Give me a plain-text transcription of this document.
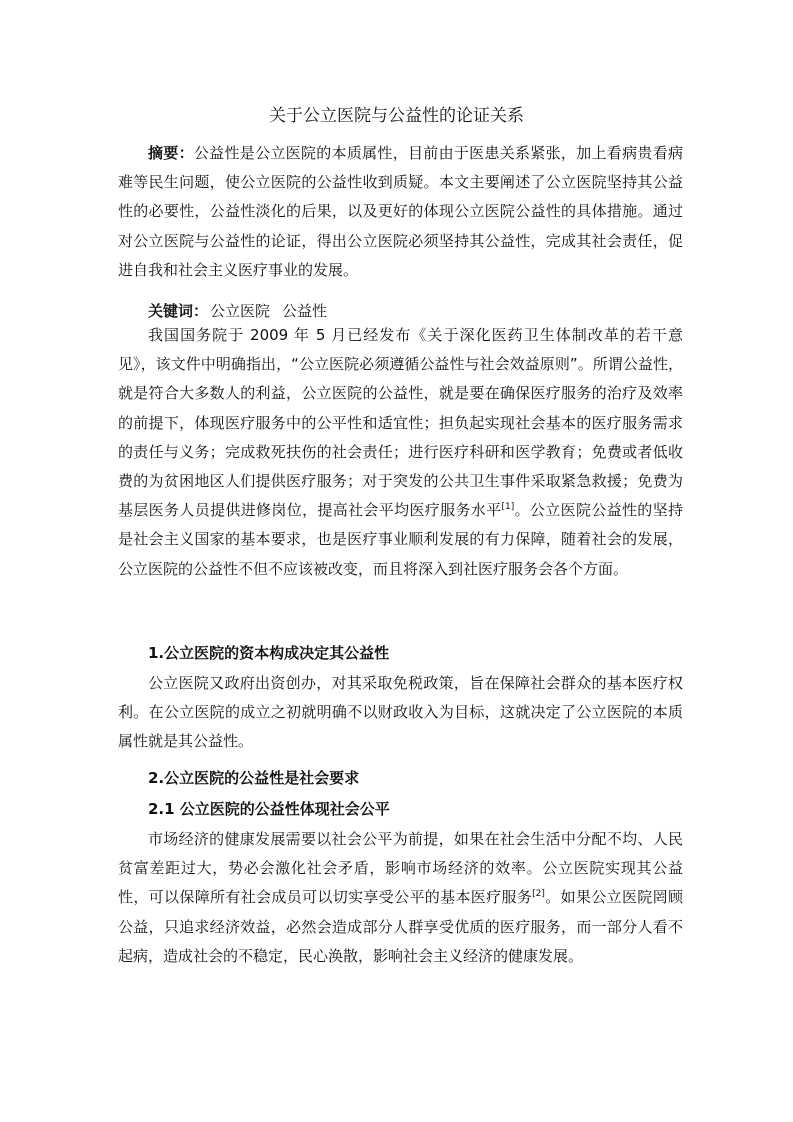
关于公立医院与公益性的论证关系
摘要：公益性是公立医院的本质属性，目前由于医患关系紧张，加上看病贵看病难等民生问题，使公立医院的公益性收到质疑。本文主要阐述了公立医院坚持其公益性的必要性，公益性淡化的后果，以及更好的体现公立医院公益性的具体措施。通过对公立医院与公益性的论证，得出公立医院必须坚持其公益性，完成其社会责任，促进自我和社会主义医疗事业的发展。
关键词： 公立医院 公益性
我国国务院于 2009 年 5 月已经发布《关于深化医药卫生体制改革的若干意见》，该文件中明确指出，“公立医院必须遵循公益性与社会效益原则”。所谓公益性，就是符合大多数人的利益，公立医院的公益性，就是要在确保医疗服务的治疗及效率的前提下，体现医疗服务中的公平性和适宜性；担负起实现社会基本的医疗服务需求的责任与义务；完成救死扶伤的社会责任；进行医疗科研和医学教育；免费或者低收费的为贫困地区人们提供医疗服务；对于突发的公共卫生事件采取紧急救援；免费为基层医务人员提供进修岗位，提高社会平均医疗服务水平[1]。公立医院公益性的坚持是社会主义国家的基本要求，也是医疗事业顺利发展的有力保障，随着社会的发展，公立医院的公益性不但不应该被改变，而且将深入到社医疗服务会各个方面。
1.公立医院的资本构成决定其公益性
公立医院又政府出资创办，对其采取免税政策，旨在保障社会群众的基本医疗权利。在公立医院的成立之初就明确不以财政收入为目标，这就决定了公立医院的本质属性就是其公益性。
2.公立医院的公益性是社会要求
2.1 公立医院的公益性体现社会公平
市场经济的健康发展需要以社会公平为前提，如果在社会生活中分配不均、人民贫富差距过大，势必会激化社会矛盾，影响市场经济的效率。公立医院实现其公益性，可以保障所有社会成员可以切实享受公平的基本医疗服务[2]。如果公立医院罔顾公益，只追求经济效益，必然会造成部分人群享受优质的医疗服务，而一部分人看不起病，造成社会的不稳定，民心涣散，影响社会主义经济的健康发展。
